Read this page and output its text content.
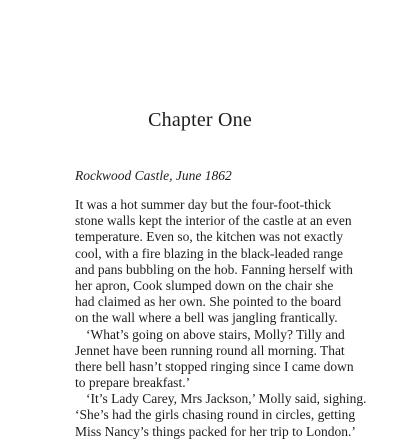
Chapter One

Rockwood Castle, June 1862

It was a hot summer day but the four-foot-thick
stone walls kept the interior of the castle at an even
temperature. Even so, the kitchen was not exactly
cool, with a fire blazing in the black-leaded range
and pans bubbling on the hob. Fanning herself with
her apron, Cook slumped down on the chair she
had claimed as her own. She pointed to the board
on the wall where a bell was jangling frantically.
‘What’s going on above stairs, Molly? Tilly and
Jennet have been running round all morning. That
there bell hasn’t stopped ringing since I came down
to prepare breakfast.’
‘It’s Lady Carey, Mrs Jackson,’ Molly said, sighing.
‘She’s had the girls chasing round in circles, getting
Miss Nancy’s things packed for her trip to London.’
